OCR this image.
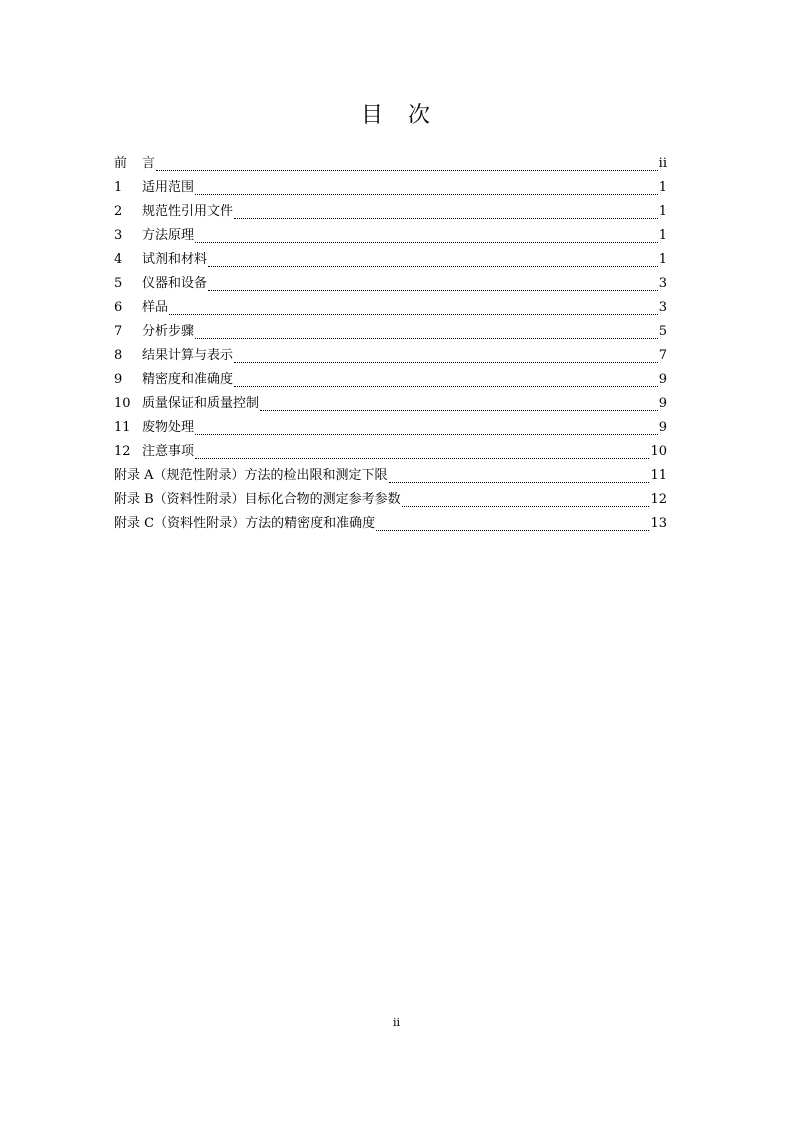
目 次
前	言	ii
1	适用范围	1
2	规范性引用文件	1
3	方法原理	1
4	试剂和材料	1
5	仪器和设备	3
6	样品	3
7	分析步骤	5
8	结果计算与表示	7
9	精密度和准确度	9
10 质量保证和质量控制	9
11 废物处理	9
12 注意事项	10
附录 A（规范性附录）方法的检出限和测定下限	11
附录 B（资料性附录）目标化合物的测定参考参数	12
附录 C（资料性附录）方法的精密度和准确度	13
ii
